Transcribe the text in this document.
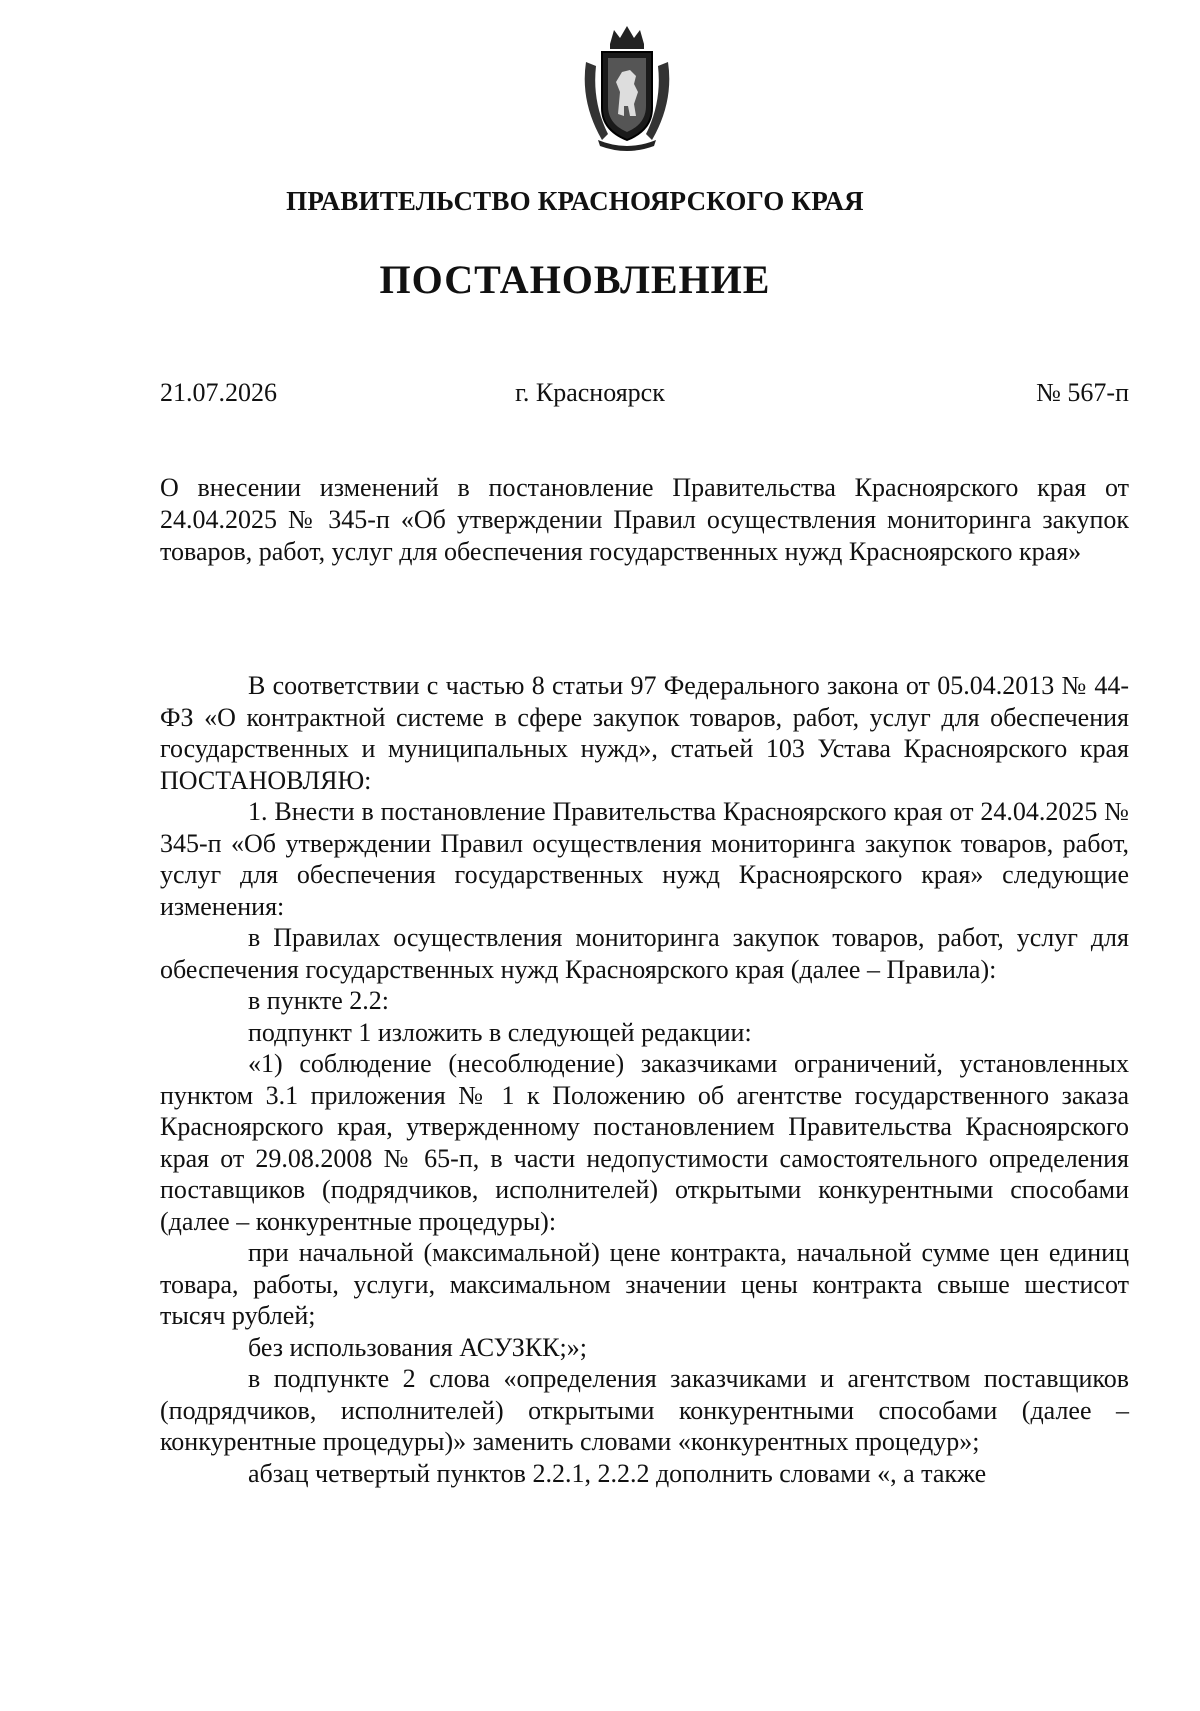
ПРАВИТЕЛЬСТВО КРАСНОЯРСКОГО КРАЯ
ПОСТАНОВЛЕНИЕ
21.07.2026	г. Красноярск	№ 567-п
О внесении изменений в постановление Правительства Красноярского края от 24.04.2025 № 345-п «Об утверждении Правил осуществления мониторинга закупок товаров, работ, услуг для обеспечения государственных нужд Красноярского края»

В соответствии с частью 8 статьи 97 Федерального закона от 05.04.2013 № 44-ФЗ «О контрактной системе в сфере закупок товаров, работ, услуг для обеспечения государственных и муниципальных нужд», статьей 103 Устава Красноярского края ПОСТАНОВЛЯЮ:

1. Внести в постановление Правительства Красноярского края от 24.04.2025 № 345-п «Об утверждении Правил осуществления мониторинга закупок товаров, работ, услуг для обеспечения государственных нужд Красноярского края» следующие изменения:

в Правилах осуществления мониторинга закупок товаров, работ, услуг для обеспечения государственных нужд Красноярского края (далее – Правила):

в пункте 2.2:

подпункт 1 изложить в следующей редакции:

«1) соблюдение (несоблюдение) заказчиками ограничений, установленных пунктом 3.1 приложения № 1 к Положению об агентстве государственного заказа Красноярского края, утвержденному постановлением Правительства Красноярского края от 29.08.2008 № 65-п, в части недопустимости самостоятельного определения поставщиков (подрядчиков, исполнителей) открытыми конкурентными способами (далее – конкурентные процедуры):

при начальной (максимальной) цене контракта, начальной сумме цен единиц товара, работы, услуги, максимальном значении цены контракта свыше шестисот тысяч рублей;

без использования АСУЗКК;»;

в подпункте 2 слова «определения заказчиками и агентством поставщиков (подрядчиков, исполнителей) открытыми конкурентными способами (далее – конкурентные процедуры)» заменить словами «конкурентных процедур»;

абзац четвертый пунктов 2.2.1, 2.2.2 дополнить словами «, а также
